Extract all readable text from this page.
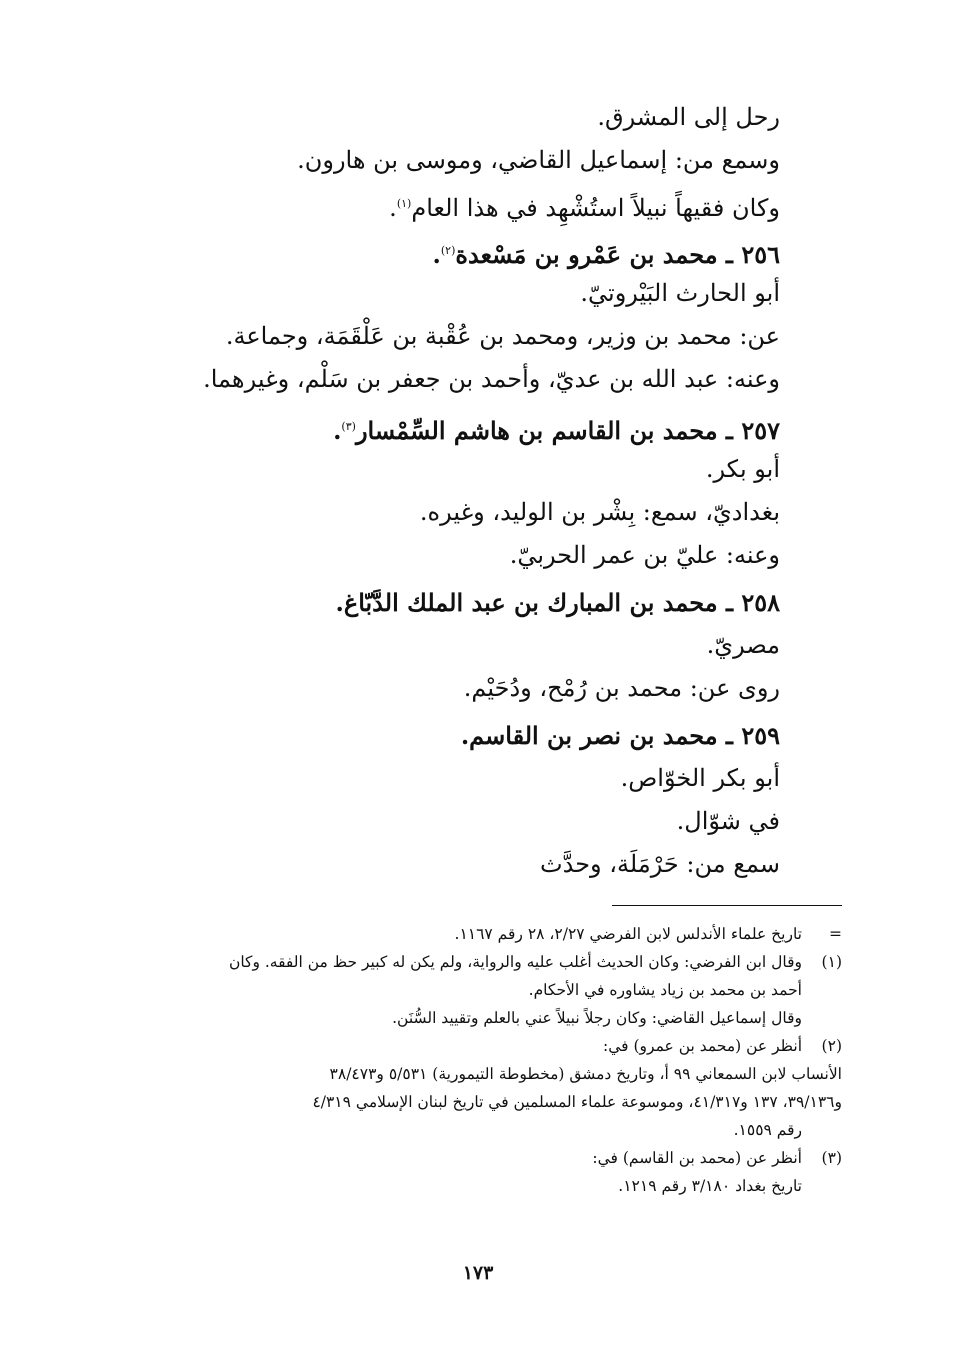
رحل إلى المشرق.
وسمع من: إسماعيل القاضي، وموسى بن هارون.
وكان فقيهاً نبيلاً استُشْهِد في هذا العام$^{(١)}$.
٢٥٦ ـ محمد بن عَمْرو بن مَسْعدة$^{(٢)}$.
أبو الحارث البَيْروتيّ.
عن: محمد بن وزير، ومحمد بن عُقْبة بن عَلْقَمَة، وجماعة.
وعنه: عبد الله بن عديّ، وأحمد بن جعفر بن سَلْم، وغيرهما.
٢٥٧ ـ محمد بن القاسم بن هاشم السِّمْسار$^{(٣)}$.
أبو بكر.
بغداديّ، سمع: بِشْر بن الوليد، وغيره.
وعنه: عليّ بن عمر الحربيّ.
٢٥٨ ـ محمد بن المبارك بن عبد الملك الدَّبّاغ.
مصريّ.
روى عن: محمد بن رُمْح، ودُحَيْم.
٢٥٩ ـ محمد بن نصر بن القاسم.
أبو بكر الخوّاص.
في شوّال.
سمع من: حَرْمَلَة، وحدَّث
=
تاريخ علماء الأندلس لابن الفرضي ٢/٢٧، ٢٨ رقم ١١٦٧.
(١)
وقال ابن الفرضي: وكان الحديث أغلب عليه والرواية، ولم يكن له كبير حظ من الفقه. وكان
أحمد بن محمد بن زياد يشاوره في الأحكام.
وقال إسماعيل القاضي: وكان رجلاً نبيلاً عني بالعلم وتقييد السُّنَن.
(٢)
أنظر عن (محمد بن عمرو) في:
الأنساب لابن السمعاني ٩٩ أ، وتاريخ دمشق (مخطوطة التيمورية) ٥/٥٣١ و٣٨/٤٧٣
و٣٩/١٣٦، ١٣٧ و٤١/٣١٧، وموسوعة علماء المسلمين في تاريخ لبنان الإسلامي ٤/٣١٩
رقم ١٥٥٩.
(٣)
أنظر عن (محمد بن القاسم) في:
تاريخ بغداد ٣/١٨٠ رقم ١٢١٩.
١٧٣
